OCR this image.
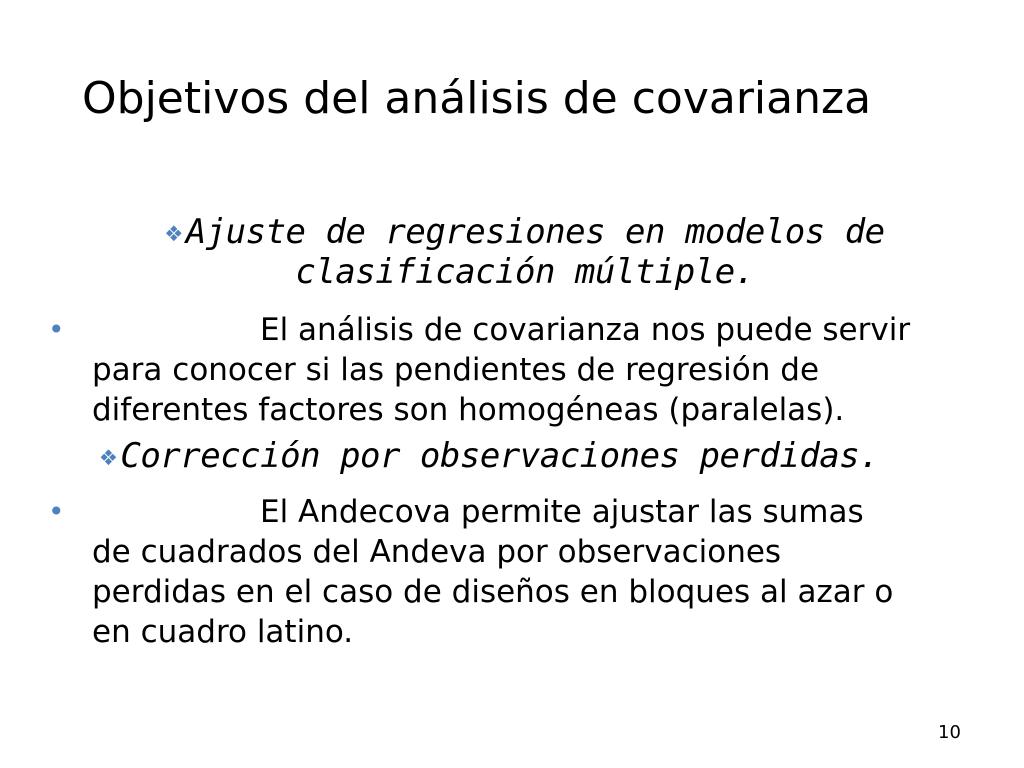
Objetivos del análisis de covarianza
❖ Ajuste de regresiones en modelos de
clasificación múltiple.
•	El análisis de covarianza nos puede servir
para conocer si las pendientes de regresión de
diferentes factores son homogéneas (paralelas).
❖ Corrección por observaciones perdidas.
•	El Andecova permite ajustar las sumas
de cuadrados del Andeva por observaciones
perdidas en el caso de diseños en bloques al azar o
en cuadro latino.
10
